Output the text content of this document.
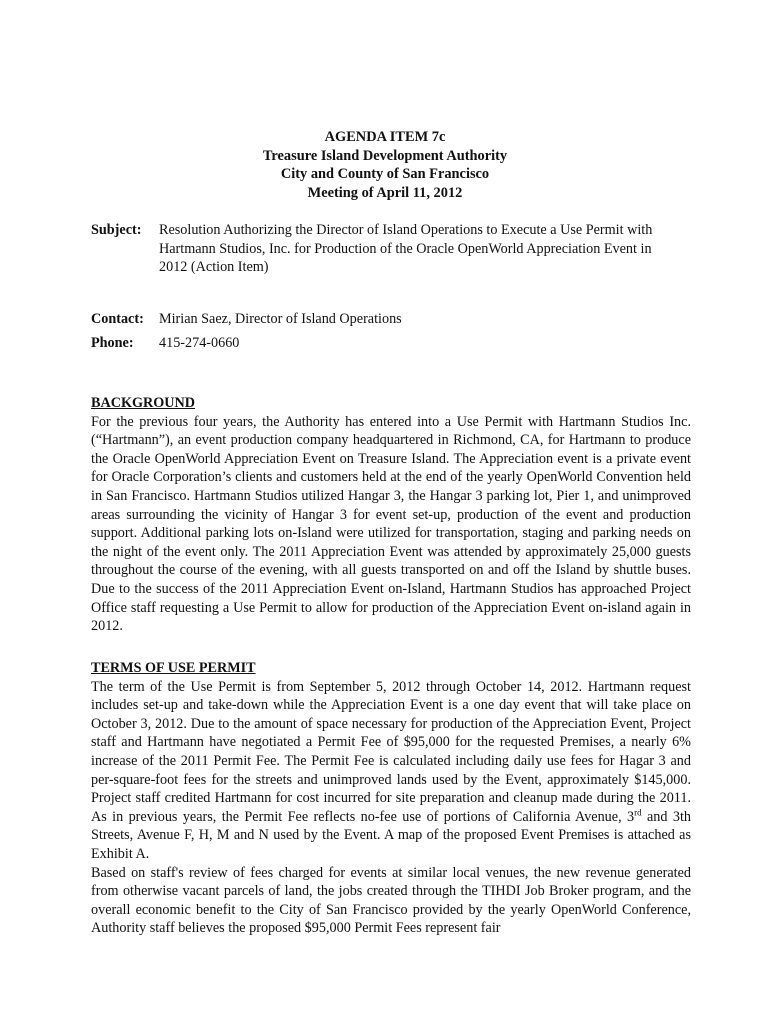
AGENDA ITEM 7c
Treasure Island Development Authority
City and County of San Francisco
Meeting of April 11, 2012
Subject:	Resolution Authorizing the Director of Island Operations to Execute a Use Permit with Hartmann Studios, Inc. for Production of the Oracle OpenWorld Appreciation Event in 2012 (Action Item)
Contact:	Mirian Saez, Director of Island Operations
Phone:	415-274-0660
BACKGROUND
For the previous four years, the Authority has entered into a Use Permit with Hartmann Studios Inc. (“Hartmann”), an event production company headquartered in Richmond, CA, for Hartmann to produce the Oracle OpenWorld Appreciation Event on Treasure Island. The Appreciation event is a private event for Oracle Corporation’s clients and customers held at the end of the yearly OpenWorld Convention held in San Francisco. Hartmann Studios utilized Hangar 3, the Hangar 3 parking lot, Pier 1, and unimproved areas surrounding the vicinity of Hangar 3 for event set-up, production of the event and production support. Additional parking lots on-Island were utilized for transportation, staging and parking needs on the night of the event only. The 2011 Appreciation Event was attended by approximately 25,000 guests throughout the course of the evening, with all guests transported on and off the Island by shuttle buses. Due to the success of the 2011 Appreciation Event on-Island, Hartmann Studios has approached Project Office staff requesting a Use Permit to allow for production of the Appreciation Event on-island again in 2012.
TERMS OF USE PERMIT
The term of the Use Permit is from September 5, 2012 through October 14, 2012. Hartmann request includes set-up and take-down while the Appreciation Event is a one day event that will take place on October 3, 2012. Due to the amount of space necessary for production of the Appreciation Event, Project staff and Hartmann have negotiated a Permit Fee of $95,000 for the requested Premises, a nearly 6% increase of the 2011 Permit Fee. The Permit Fee is calculated including daily use fees for Hagar 3 and per-square-foot fees for the streets and unimproved lands used by the Event, approximately $145,000. Project staff credited Hartmann for cost incurred for site preparation and cleanup made during the 2011. As in previous years, the Permit Fee reflects no-fee use of portions of California Avenue, 3rd and 3th Streets, Avenue F, H, M and N used by the Event. A map of the proposed Event Premises is attached as Exhibit A.
Based on staff's review of fees charged for events at similar local venues, the new revenue generated from otherwise vacant parcels of land, the jobs created through the TIHDI Job Broker program, and the overall economic benefit to the City of San Francisco provided by the yearly OpenWorld Conference, Authority staff believes the proposed $95,000 Permit Fees represent fair
